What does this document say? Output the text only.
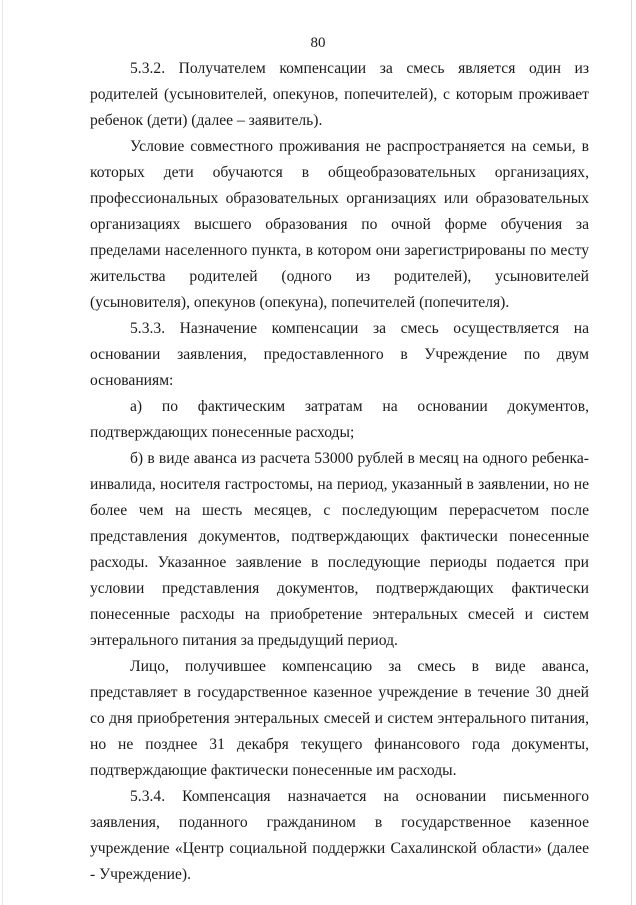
80

5.3.2. Получателем компенсации за смесь является один из родителей (усыновителей, опекунов, попечителей), с которым проживает ребенок (дети) (далее – заявитель).

Условие совместного проживания не распространяется на семьи, в которых дети обучаются в общеобразовательных организациях, профессиональных образовательных организациях или образовательных организациях высшего образования по очной форме обучения за пределами населенного пункта, в котором они зарегистрированы по месту жительства родителей (одного из родителей), усыновителей (усыновителя), опекунов (опекуна), попечителей (попечителя).

5.3.3. Назначение компенсации за смесь осуществляется на основании заявления, предоставленного в Учреждение по двум основаниям:

а) по фактическим затратам на основании документов, подтверждающих понесенные расходы;

б) в виде аванса из расчета 53000 рублей в месяц на одного ребенка-инвалида, носителя гастростомы, на период, указанный в заявлении, но не более чем на шесть месяцев, с последующим перерасчетом после представления документов, подтверждающих фактически понесенные расходы. Указанное заявление в последующие периоды подается при условии представления документов, подтверждающих фактически понесенные расходы на приобретение энтеральных смесей и систем энтерального питания за предыдущий период.

Лицо, получившее компенсацию за смесь в виде аванса, представляет в государственное казенное учреждение в течение 30 дней со дня приобретения энтеральных смесей и систем энтерального питания, но не позднее 31 декабря текущего финансового года документы, подтверждающие фактически понесенные им расходы.

5.3.4. Компенсация назначается на основании письменного заявления, поданного гражданином в государственное казенное учреждение «Центр социальной поддержки Сахалинской области» (далее - Учреждение).
